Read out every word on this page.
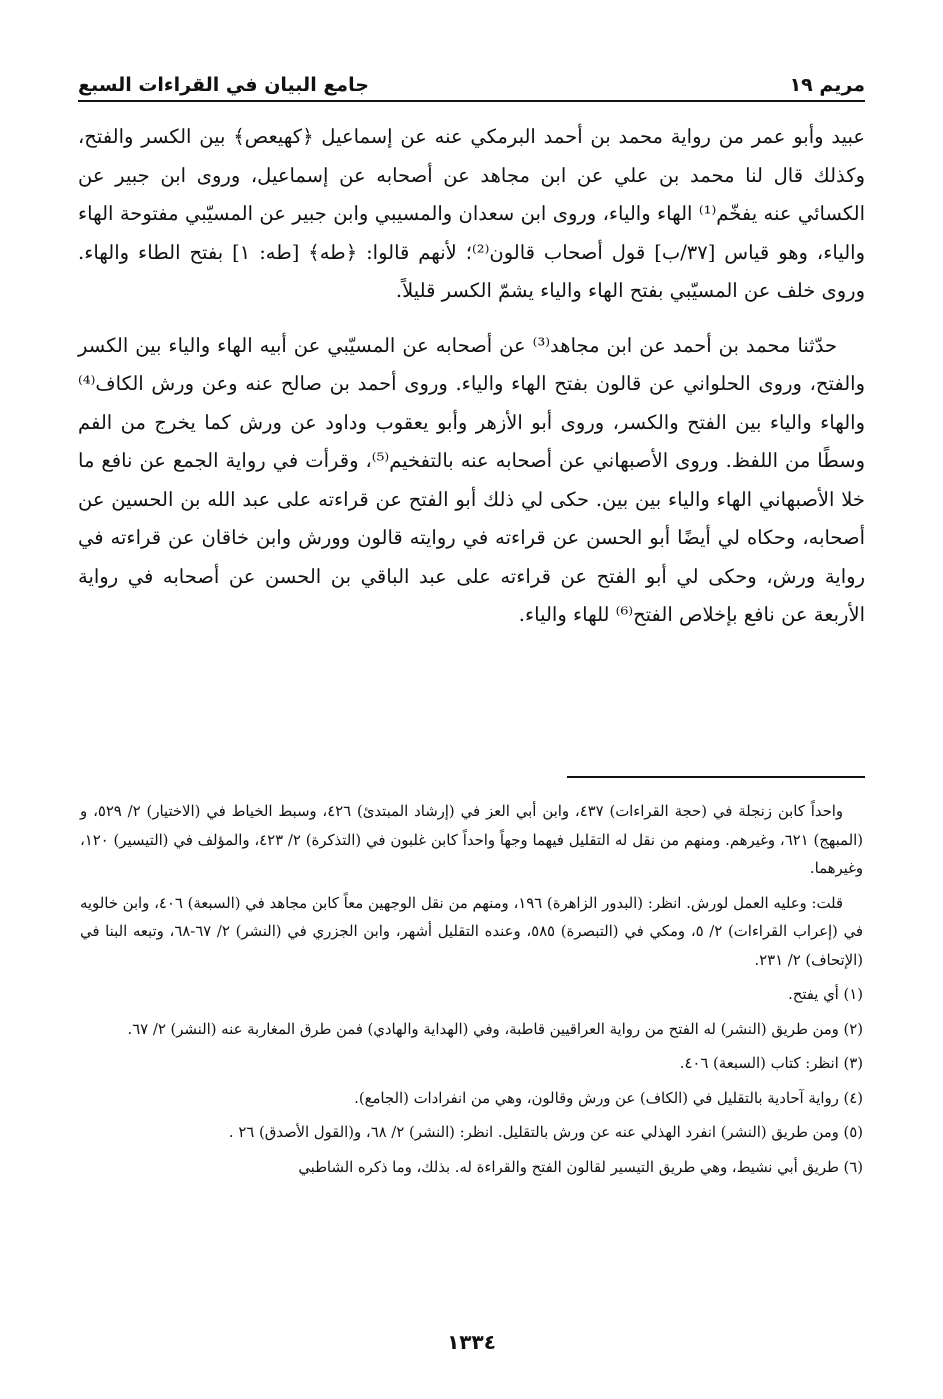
مريم ١٩
جامع البيان في القراءات السبع

عبيد وأبو عمر من رواية محمد بن أحمد البرمكي عنه عن إسماعيل ﴿كهيعص﴾ بين الكسر والفتح، وكذلك قال لنا محمد بن علي عن ابن مجاهد عن أصحابه عن إسماعيل، وروى ابن جبير عن الكسائي عنه يفخّم⁽¹⁾ الهاء والياء، وروى ابن سعدان والمسيبي وابن جبير عن المسيّبي مفتوحة الهاء والياء، وهو قياس [٣٧/ب] قول أصحاب قالون⁽²⁾؛ لأنهم قالوا: ﴿طه﴾ [طه: ١] بفتح الطاء والهاء. وروى خلف عن المسيّبي بفتح الهاء والياء يشمّ الكسر قليلاً.

حدّثنا محمد بن أحمد عن ابن مجاهد⁽³⁾ عن أصحابه عن المسيّبي عن أبيه الهاء والياء بين الكسر والفتح، وروى الحلواني عن قالون بفتح الهاء والياء. وروى أحمد بن صالح عنه وعن ورش الكاف⁽⁴⁾ والهاء والياء بين الفتح والكسر، وروى أبو الأزهر وأبو يعقوب وداود عن ورش كما يخرج من الفم وسطًا من اللفظ. وروى الأصبهاني عن أصحابه عنه بالتفخيم⁽⁵⁾، وقرأت في رواية الجمع عن نافع ما خلا الأصبهاني الهاء والياء بين بين. حكى لي ذلك أبو الفتح عن قراءته على عبد الله بن الحسين عن أصحابه، وحكاه لي أيضًا أبو الحسن عن قراءته في روايته قالون وورش وابن خاقان عن قراءته في رواية ورش، وحكى لي أبو الفتح عن قراءته على عبد الباقي بن الحسن عن أصحابه في رواية الأربعة عن نافع بإخلاص الفتح⁽⁶⁾ للهاء والياء.

واحداً كابن زنجلة في (حجة القراءات) ٤٣٧، وابن أبي العز في (إرشاد المبتدئ) ٤٢٦، وسبط الخياط في (الاختيار) ٢/ ٥٢٩، و (المبهج) ٦٢١، وغيرهم. ومنهم من نقل له التقليل فيهما وجهاً واحداً كابن غلبون في (التذكرة) ٢/ ٤٢٣، والمؤلف في (التيسير) ١٢٠، وغيرهما.

قلت: وعليه العمل لورش. انظر: (البدور الزاهرة) ١٩٦، ومنهم من نقل الوجهين معاً كابن مجاهد في (السبعة) ٤٠٦، وابن خالويه في (إعراب القراءات) ٢/ ٥، ومكي في (التبصرة) ٥٨٥، وعنده التقليل أشهر، وابن الجزري في (النشر) ٢/ ٦٧-٦٨، وتبعه البنا في (الإتحاف) ٢/ ٢٣١.

(١) أي يفتح.

(٢) ومن طريق (النشر) له الفتح من رواية العراقيين قاطبة، وفي (الهداية والهادي) فمن طرق المغاربة عنه (النشر) ٢/ ٦٧.

(٣) انظر: كتاب (السبعة) ٤٠٦.

(٤) رواية آحادية بالتقليل في (الكاف) عن ورش وقالون، وهي من انفرادات (الجامع).

(٥) ومن طريق (النشر) انفرد الهذلي عنه عن ورش بالتقليل. انظر: (النشر) ٢/ ٦٨، و(القول الأصدق) ٢٦ .

(٦) طريق أبي نشيط، وهي طريق التيسير لقالون الفتح والقراءة له. بذلك، وما ذكره الشاطبي

١٣٣٤
